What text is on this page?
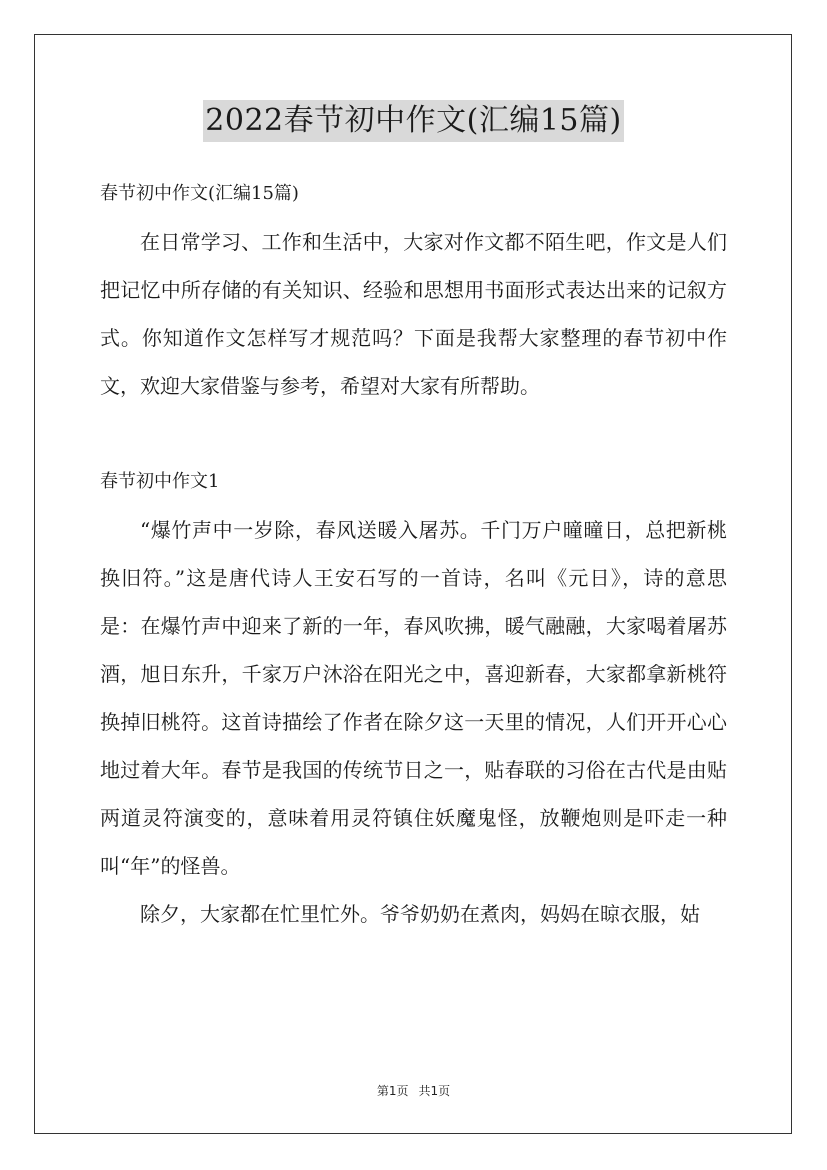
2022春节初中作文(汇编15篇)

春节初中作文(汇编15篇)

在日常学习、工作和生活中，大家对作文都不陌生吧，作文是人们把记忆中所存储的有关知识、经验和思想用书面形式表达出来的记叙方式。你知道作文怎样写才规范吗？下面是我帮大家整理的春节初中作文，欢迎大家借鉴与参考，希望对大家有所帮助。

春节初中作文1

“爆竹声中一岁除，春风送暖入屠苏。千门万户曈曈日，总把新桃换旧符。”这是唐代诗人王安石写的一首诗，名叫《元日》，诗的意思是：在爆竹声中迎来了新的一年，春风吹拂，暖气融融，大家喝着屠苏酒，旭日东升，千家万户沐浴在阳光之中，喜迎新春，大家都拿新桃符换掉旧桃符。这首诗描绘了作者在除夕这一天里的情况，人们开开心心地过着大年。春节是我国的传统节日之一，贴春联的习俗在古代是由贴两道灵符演变的，意味着用灵符镇住妖魔鬼怪，放鞭炮则是吓走一种叫“年”的怪兽。

除夕，大家都在忙里忙外。爷爷奶奶在煮肉，妈妈在晾衣服，姑

第1页 共1页
